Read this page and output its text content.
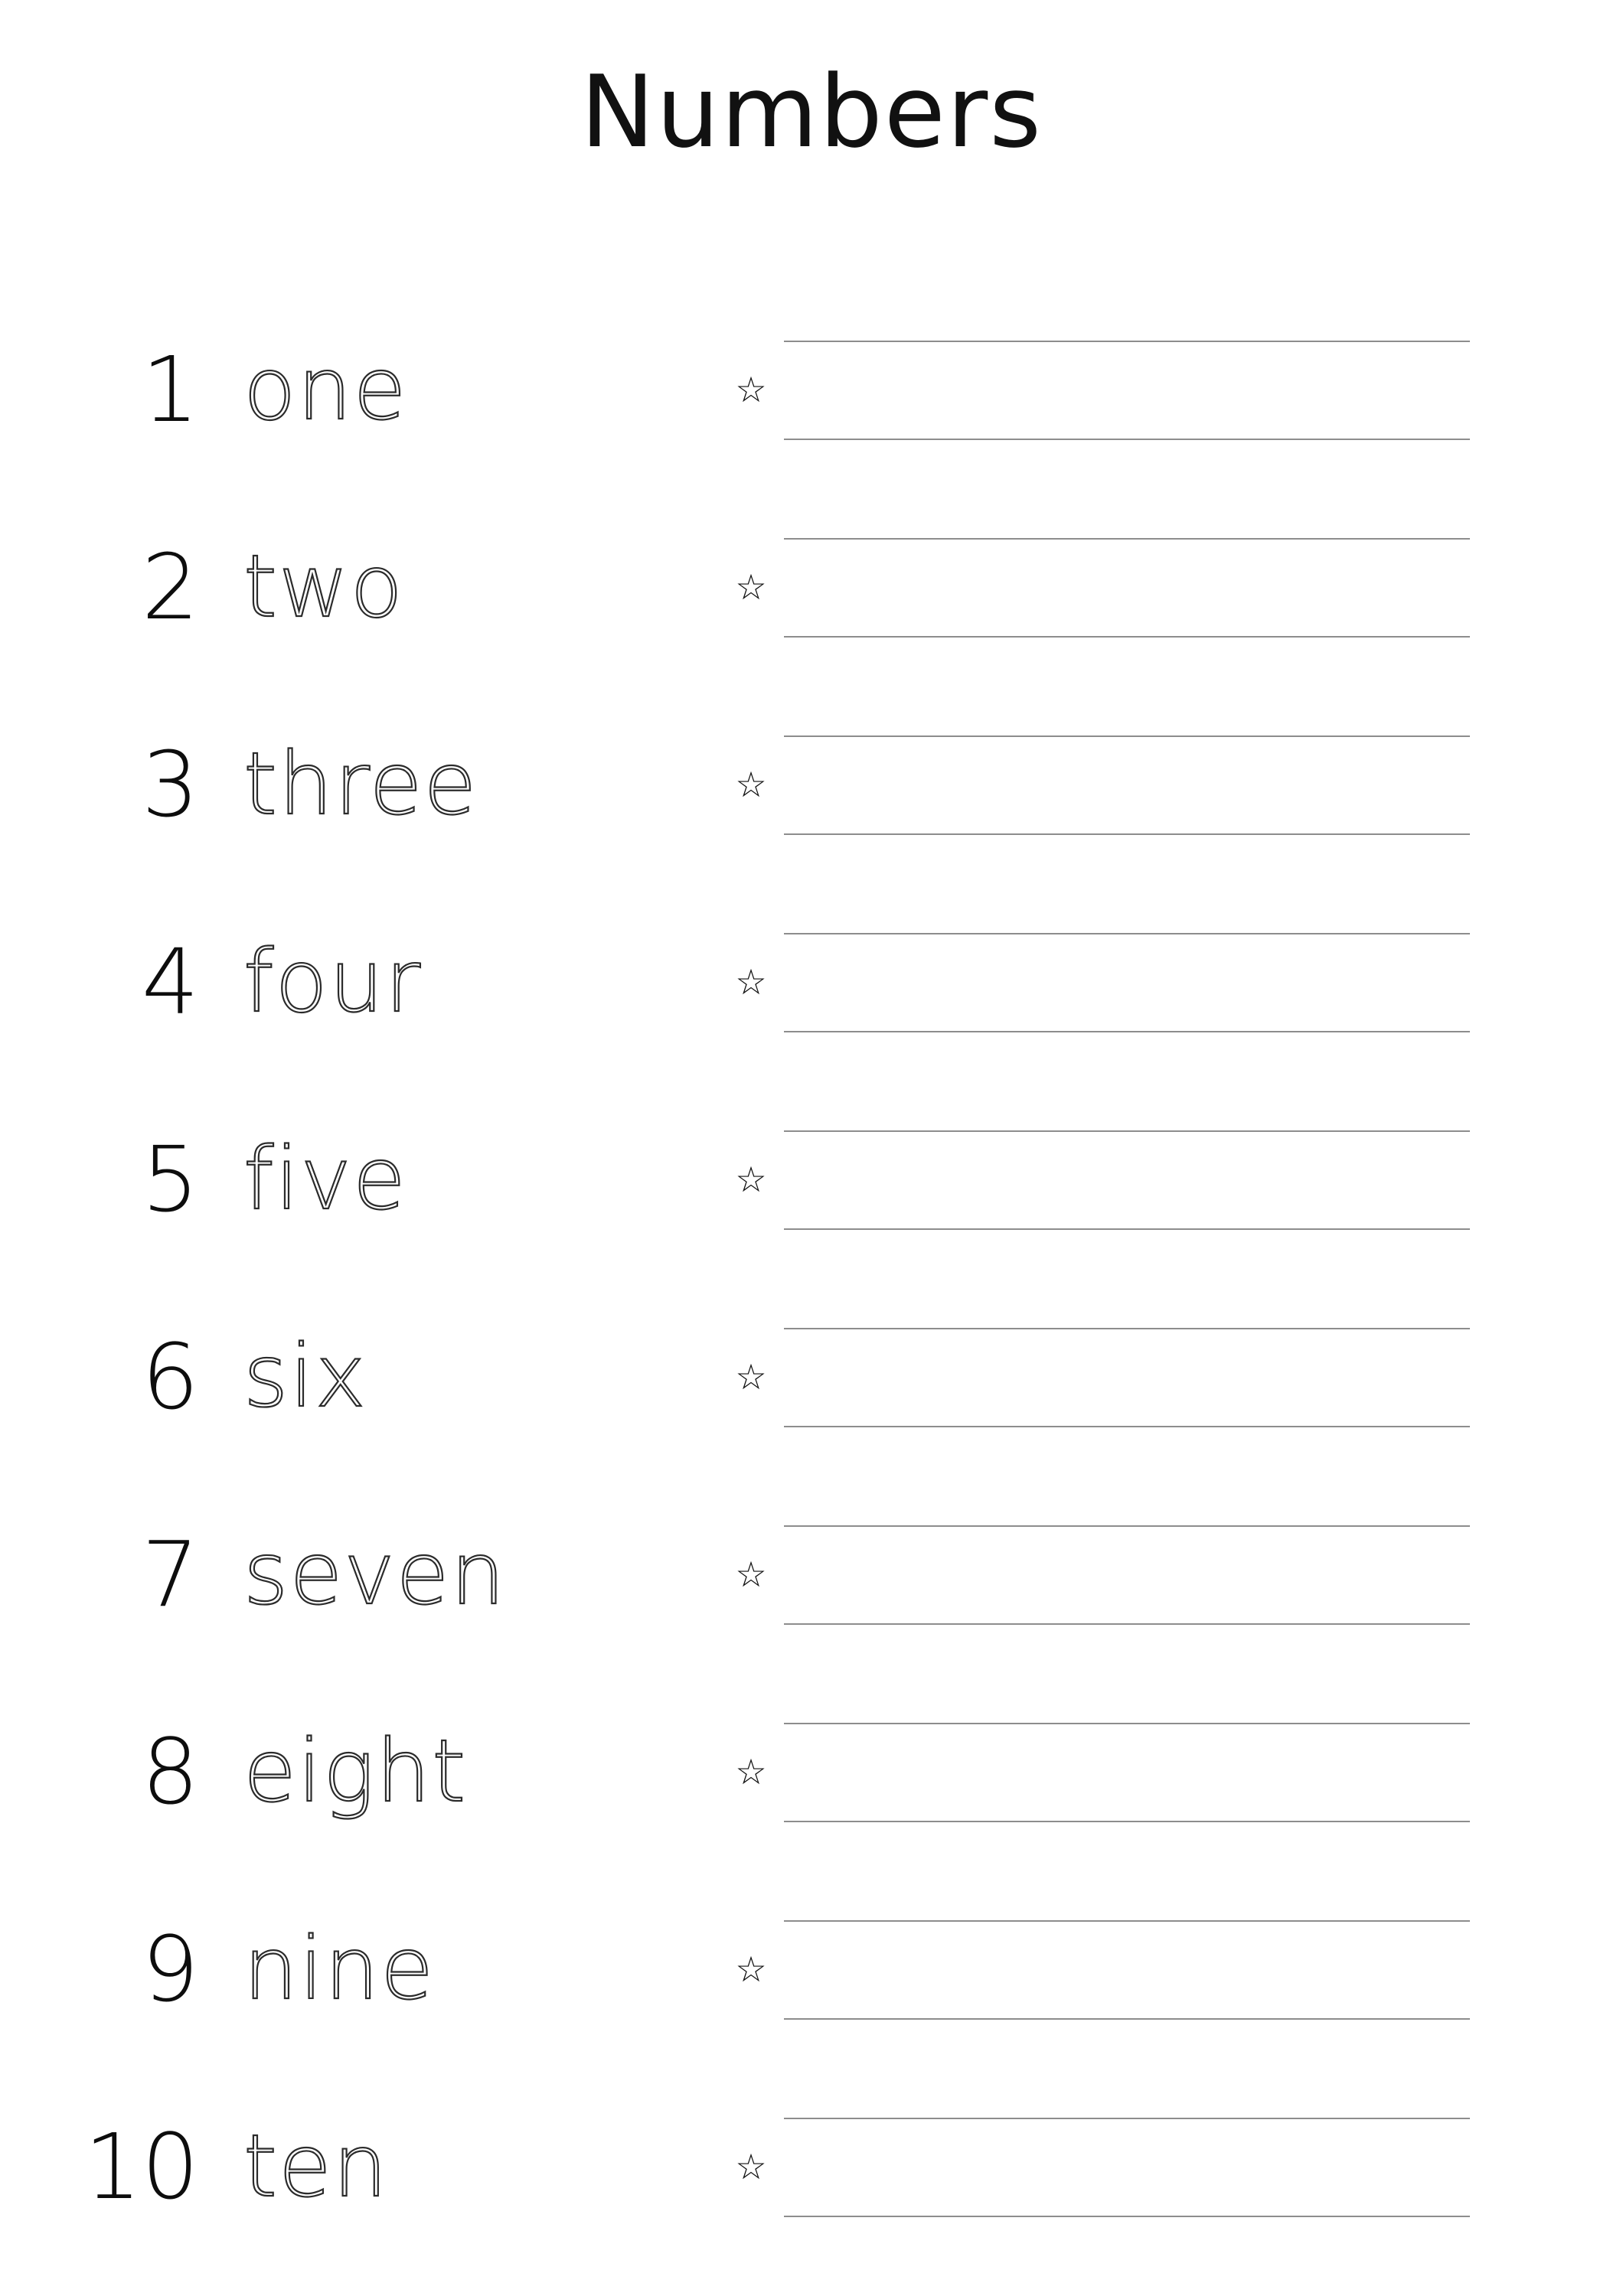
Numbers
1 one	☆
2 two	☆
3 three	☆
4 four	☆
5 five	☆
6 six	☆
7 seven	☆
8 eight	☆
9 nine	☆
10 ten	☆
